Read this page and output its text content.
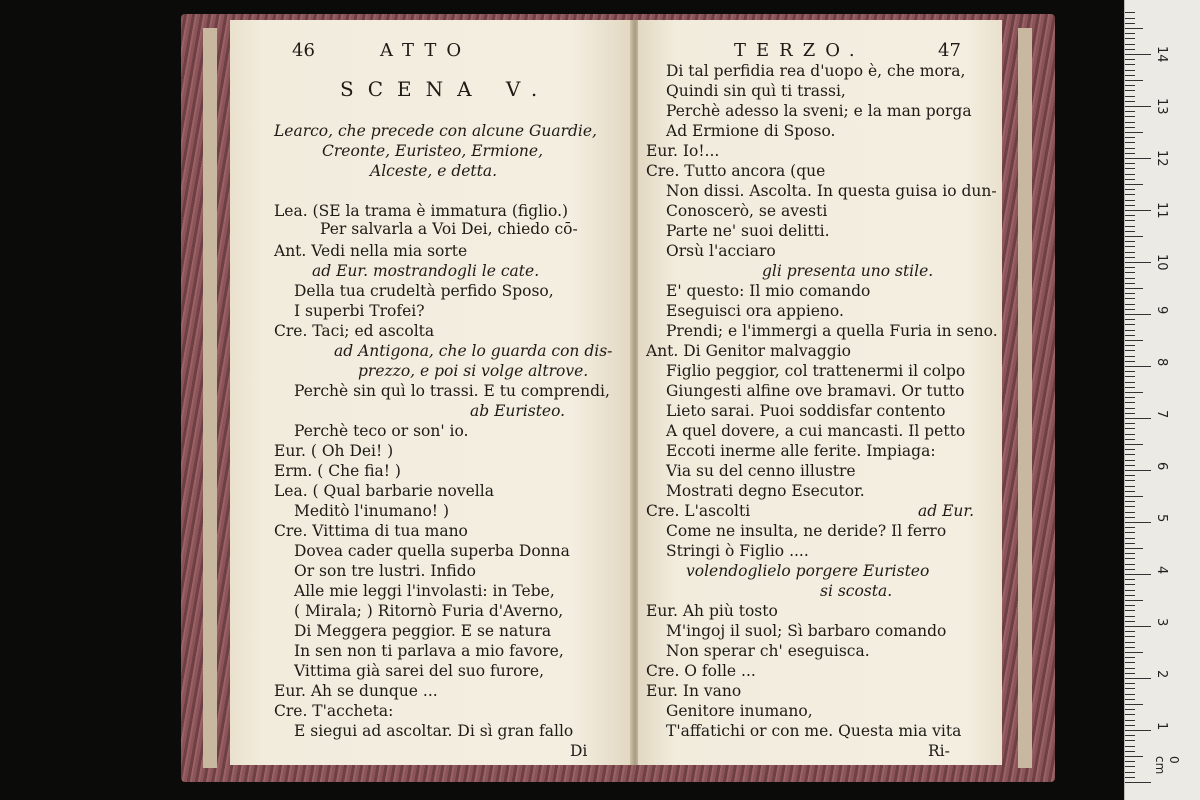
46	ATTO
SCENA V.
Learco, che precede con alcune Guardie,
Creonte, Euristeo, Ermione,
Alceste, e detta.
Lea. (SE la trama è immatura (figlio.)
Per salvarla a Voi Dei, chiedo cō-
Ant. Vedi nella mia sorte
ad Eur. mostrandogli le cate.
Della tua crudeltà perfido Sposo,
I superbi Trofei?
Cre. Taci; ed ascolta
ad Antigona, che lo guarda con dis-
prezzo, e poi si volge altrove.
Perchè sin quì lo trassi. E tu comprendi,
ab Euristeo.
Perchè teco or son' io.
Eur. ( Oh Dei! )
Erm. ( Che fia! )
Lea. ( Qual barbarie novella
Meditò l'inumano! )
Cre. Vittima di tua mano
Dovea cader quella superba Donna
Or son tre lustri. Infido
Alle mie leggi l'involasti: in Tebe,
( Mirala; ) Ritornò Furia d'Averno,
Di Meggera peggior. E se natura
In sen non ti parlava a mio favore,
Vittima già sarei del suo furore,
Eur. Ah se dunque ...
Cre. T'accheta:
E siegui ad ascoltar. Di sì gran fallo
Di
TERZO.	47
Di tal perfidia rea d'uopo è, che mora,
Quindi sin quì ti trassi,
Perchè adesso la sveni; e la man porga
Ad Ermione di Sposo.
Eur. Io!...
Cre. Tutto ancora (que
Non dissi. Ascolta. In questa guisa io dun-
Conoscerò, se avesti
Parte ne' suoi delitti.
Orsù l'acciaro
gli presenta uno stile.
E' questo: Il mio comando
Eseguisci ora appieno.
Prendi; e l'immergi a quella Furia in seno.
Ant. Di Genitor malvaggio
Figlio peggior, col trattenermi il colpo
Giungesti alfine ove bramavi. Or tutto
Lieto sarai. Puoi soddisfar contento
A quel dovere, a cui mancasti. Il petto
Eccoti inerme alle ferite. Impiaga:
Via su del cenno illustre
Mostrati degno Esecutor.
Cre. L'ascolti	ad Eur.
Come ne insulta, ne deride? Il ferro
Stringi ò Figlio ....
volendoglielo porgere Euristeo
si scosta.
Eur. Ah più tosto
M'ingoj il suol; Sì barbaro comando
Non sperar ch' eseguisca.
Cre. O folle ...
Eur. In vano
Genitore inumano,
T'affatichi or con me. Questa mia vita
Ri-	0 cm
1
2
3
4
5
6
7
8
9
10
11
12
13
14
